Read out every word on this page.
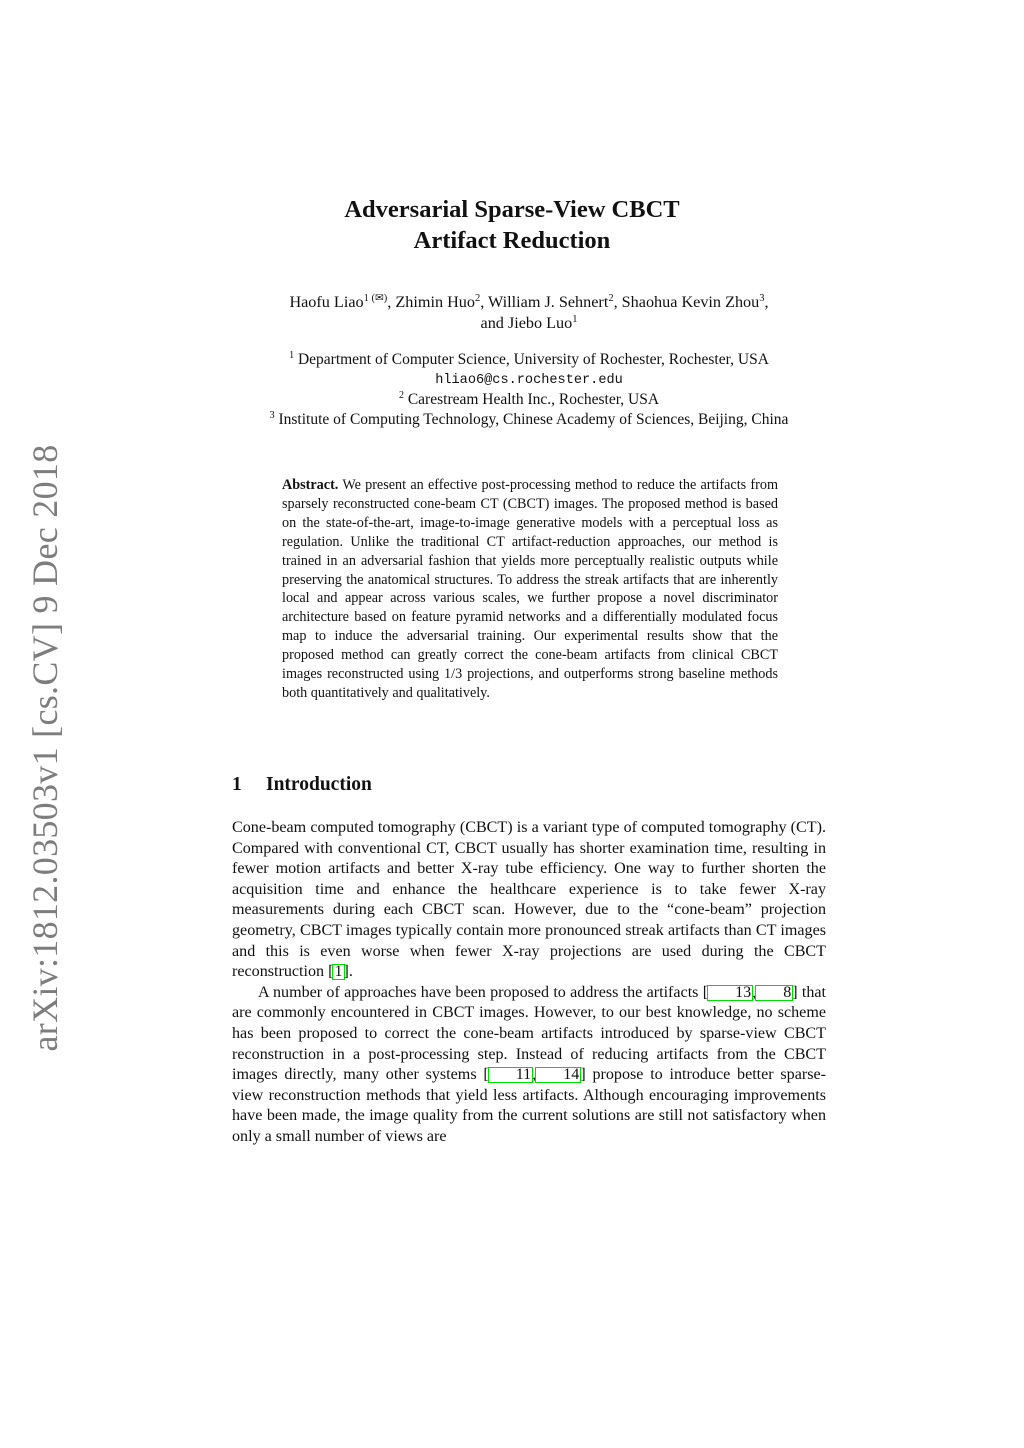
arXiv:1812.03503v1 [cs.CV] 9 Dec 2018
Adversarial Sparse-View CBCT
Artifact Reduction
Haofu Liao$^{1 (✉)}$, Zhimin Huo$^2$, William J. Sehnert$^2$, Shaohua Kevin Zhou$^3$,
and Jiebo Luo$^1$
$^1$ Department of Computer Science, University of Rochester, Rochester, USA
hliao6@cs.rochester.edu
$^2$ Carestream Health Inc., Rochester, USA
$^3$ Institute of Computing Technology, Chinese Academy of Sciences, Beijing, China

Abstract. We present an effective post-processing method to reduce the artifacts from sparsely reconstructed cone-beam CT (CBCT) images. The proposed method is based on the state-of-the-art, image-to-image generative models with a perceptual loss as regulation. Unlike the traditional CT artifact-reduction approaches, our method is trained in an adversarial fashion that yields more perceptually realistic outputs while preserving the anatomical structures. To address the streak artifacts that are inherently local and appear across various scales, we further propose a novel discriminator architecture based on feature pyramid networks and a differentially modulated focus map to induce the adversarial training. Our experimental results show that the proposed method can greatly correct the cone-beam artifacts from clinical CBCT images reconstructed using 1/3 projections, and outperforms strong baseline methods both quantitatively and qualitatively.

1 Introduction

Cone-beam computed tomography (CBCT) is a variant type of computed tomography (CT). Compared with conventional CT, CBCT usually has shorter examination time, resulting in fewer motion artifacts and better X-ray tube efficiency. One way to further shorten the acquisition time and enhance the healthcare experience is to take fewer X-ray measurements during each CBCT scan. However, due to the “cone-beam” projection geometry, CBCT images typically contain more pronounced streak artifacts than CT images and this is even worse when fewer X-ray projections are used during the CBCT reconstruction [1].

A number of approaches have been proposed to address the artifacts [ 13, 8] that are commonly encountered in CBCT images. However, to our best knowledge, no scheme has been proposed to correct the cone-beam artifacts introduced by sparse-view CBCT reconstruction in a post-processing step. Instead of reducing artifacts from the CBCT images directly, many other systems [ 11, 14] propose to introduce better sparse-view reconstruction methods that yield less artifacts. Although encouraging improvements have been made, the image quality from the current solutions are still not satisfactory when only a small number of views are
